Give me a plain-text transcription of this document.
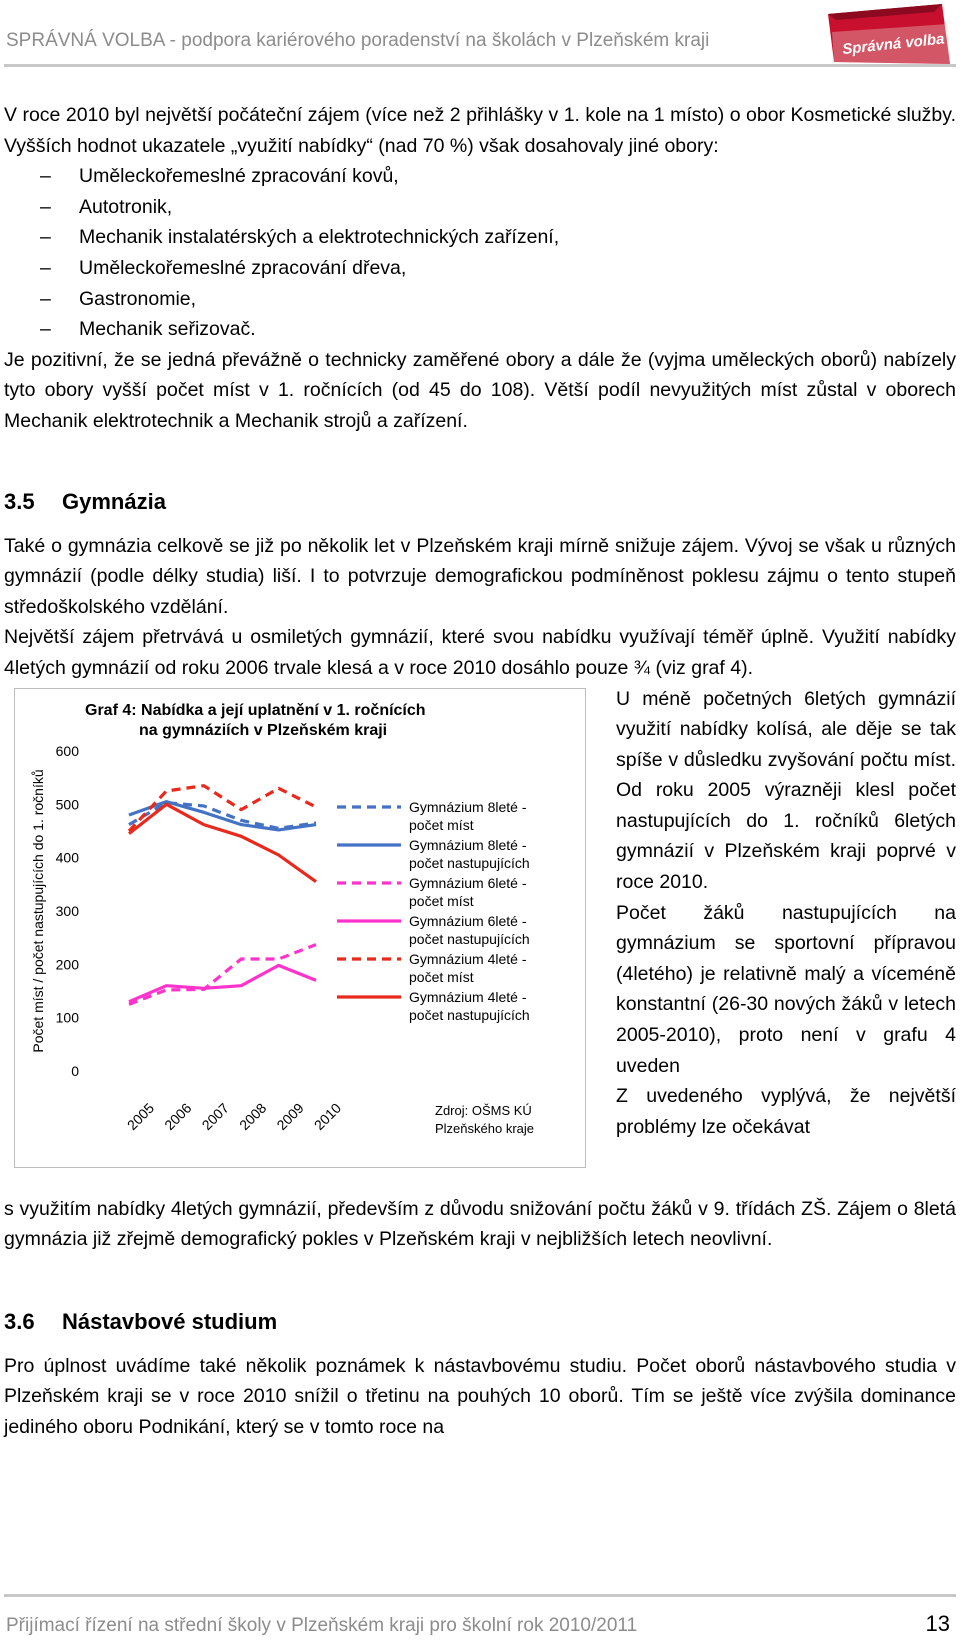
SPRÁVNÁ VOLBA - podpora kariérového poradenství na školách v Plzeňském kraji	Správná volba

V roce 2010 byl největší počáteční zájem (více než 2 přihlášky v 1. kole na 1 místo) o obor Kosmetické služby. Vyšších hodnot ukazatele „využití nabídky“ (nad 70 %) však dosahovaly jiné obory:

– Uměleckořemeslné zpracování kovů,
– Autotronik,
– Mechanik instalatérských a elektrotechnických zařízení,
– Uměleckořemeslné zpracování dřeva,
– Gastronomie,
– Mechanik seřizovač.

Je pozitivní, že se jedná převážně o technicky zaměřené obory a dále že (vyjma uměleckých oborů) nabízely tyto obory vyšší počet míst v 1. ročnících (od 45 do 108). Větší podíl nevyužitých míst zůstal v oborech Mechanik elektrotechnik a Mechanik strojů a zařízení.

3.5 Gymnázia

Také o gymnázia celkově se již po několik let v Plzeňském kraji mírně snižuje zájem. Vývoj se však u různých gymnázií (podle délky studia) liší. I to potvrzuje demografickou podmíněnost poklesu zájmu o tento stupeň středoškolského vzdělání.

Největší zájem přetrvává u osmiletých gymnázií, které svou nabídku využívají téměř úplně. Využití nabídky 4letých gymnázií od roku 2006 trvale klesá a v roce 2010 dosáhlo pouze ¾ (viz graf 4).

Graf 4: Nabídka a její uplatnění v 1. ročnících
na gymnáziích v Plzeňském kraji
Počet míst / počet nastupujících do 1. ročníků
0
100
200
300
400
500
600
2005 2006 2007 2008 2009 2010
Gymnázium 8leté -
počet míst
Gymnázium 8leté -
počet nastupujících
Gymnázium 6leté -
počet míst
Gymnázium 6leté -
počet nastupujících
Gymnázium 4leté -
počet míst
Gymnázium 4leté -
počet nastupujících
Zdroj: OŠMS KÚ
Plzeňského kraje

U méně početných 6letých gymnázií využití nabídky kolísá, ale děje se tak spíše v důsledku zvyšování počtu míst. Od roku 2005 výrazněji klesl počet nastupujících do 1. ročníků 6letých gymnázií v Plzeňském kraji poprvé v roce 2010.

Počet žáků nastupujících na gymnázium se sportovní přípravou (4letého) je relativně malý a víceméně konstantní (26-30 nových žáků v letech 2005-2010), proto není v grafu 4 uveden

Z uvedeného vyplývá, že největší problémy lze očekávat

s využitím nabídky 4letých gymnázií, především z důvodu snižování počtu žáků v 9. třídách ZŠ. Zájem o 8letá gymnázia již zřejmě demografický pokles v Plzeňském kraji v nejbližších letech neovlivní.

3.6 Nástavbové studium

Pro úplnost uvádíme také několik poznámek k nástavbovému studiu. Počet oborů nástavbového studia v Plzeňském kraji se v roce 2010 snížil o třetinu na pouhých 10 oborů. Tím se ještě více zvýšila dominance jediného oboru Podnikání, který se v tomto roce na

Přijímací řízení na střední školy v Plzeňském kraji pro školní rok 2010/2011	13
